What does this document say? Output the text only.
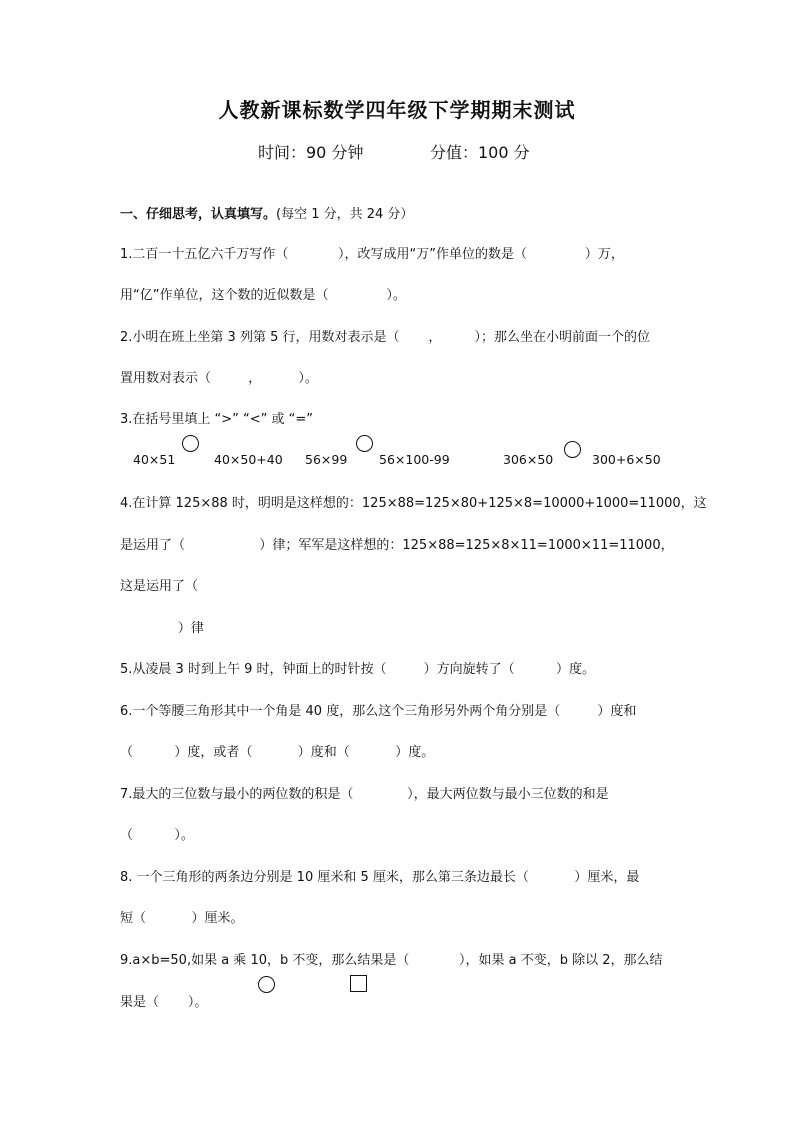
人教新课标数学四年级下学期期末测试
时间：90 分钟	分值：100 分
一、仔细思考，认真填写。(每空 1 分，共 24 分）
1.二百一十五亿六千万写作（            ），改写成用“万”作单位的数是（              ）万，
用“亿”作单位，这个数的近似数是（              ）。
2.小明在班上坐第 3 列第 5 行，用数对表示是（       ，        ）；那么坐在小明前面一个的位
置用数对表示（         ，         ）。
3.在括号里填上 “>” “<” 或 “=”
40×51	40×50+40 56×99	56×100-99	306×50	300+6×50
4.在计算 125×88 时，明明是这样想的：125×88=125×80+125×8=10000+1000=11000，这
是运用了（                  ）律；军军是这样想的：125×88=125×8×11=1000×11=11000，
这是运用了（
）律
5.从凌晨 3 时到上午 9 时，钟面上的时针按（         ）方向旋转了（          ）度。
6.一个等腰三角形其中一个角是 40 度，那么这个三角形另外两个角分别是（         ）度和
（          ）度，或者（           ）度和（           ）度。
7.最大的三位数与最小的两位数的积是（             ），最大两位数与最小三位数的和是
（          ）。
8. 一个三角形的两条边分别是 10 厘米和 5 厘米，那么第三条边最长（           ）厘米，最
短（           ）厘米。
9.a×b=50,如果 a 乘 10，b 不变，那么结果是（            ），如果 a 不变，b 除以 2，那么结
果是（       ）。
